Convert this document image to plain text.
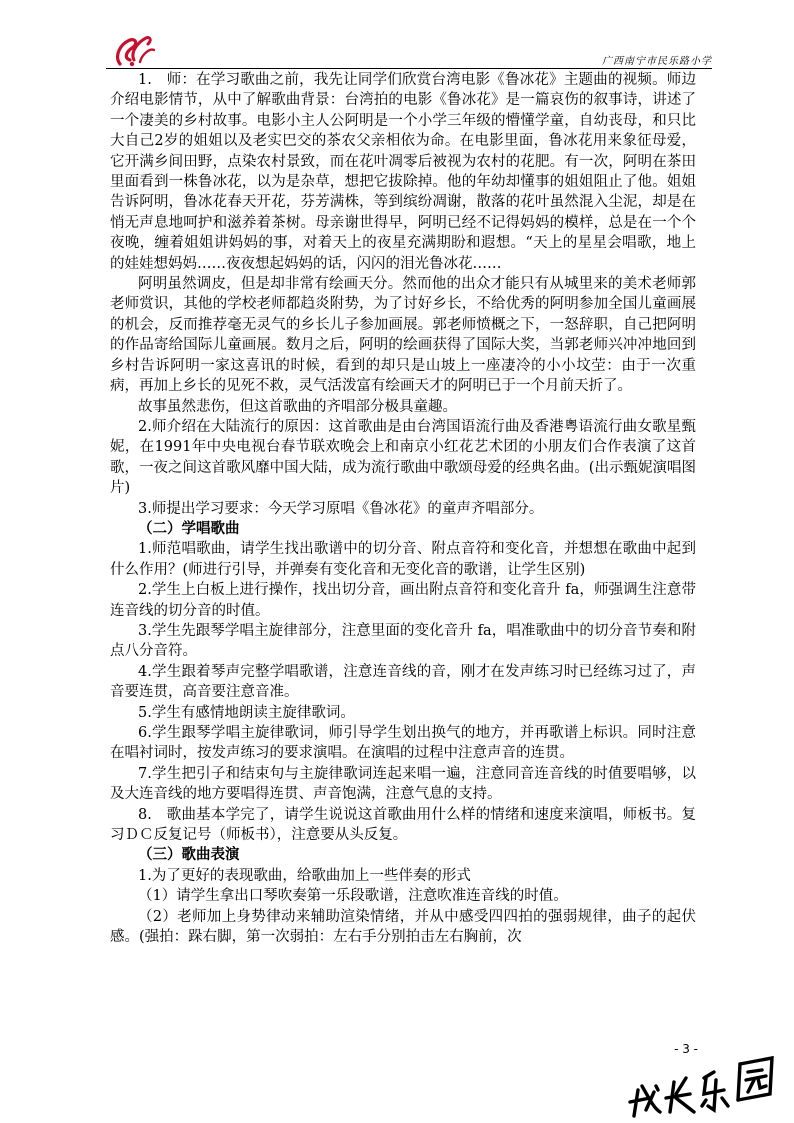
广西南宁市民乐路小学

1.　师：在学习歌曲之前，我先让同学们欣赏台湾电影《鲁冰花》主题曲的视频。师边介绍电影情节，从中了解歌曲背景：台湾拍的电影《鲁冰花》是一篇哀伤的叙事诗，讲述了一个凄美的乡村故事。电影小主人公阿明是一个小学三年级的懵懂学童，自幼丧母，和只比大自己2岁的姐姐以及老实巴交的茶农父亲相依为命。在电影里面，鲁冰花用来象征母爱，它开满乡间田野，点染农村景致，而在花叶凋零后被视为农村的花肥。有一次，阿明在茶田里面看到一株鲁冰花，以为是杂草，想把它拔除掉。他的年幼却懂事的姐姐阻止了他。姐姐告诉阿明，鲁冰花春天开花，芬芳满株，等到缤纷凋谢，散落的花叶虽然混入尘泥，却是在悄无声息地呵护和滋养着茶树。母亲谢世得早，阿明已经不记得妈妈的模样，总是在一个个夜晚，缠着姐姐讲妈妈的事，对着天上的夜星充满期盼和遐想。“天上的星星会唱歌，地上的娃娃想妈妈……夜夜想起妈妈的话，闪闪的泪光鲁冰花……

阿明虽然调皮，但是却非常有绘画天分。然而他的出众才能只有从城里来的美术老师郭老师赏识，其他的学校老师都趋炎附势，为了讨好乡长，不给优秀的阿明参加全国儿童画展的机会，反而推荐毫无灵气的乡长儿子参加画展。郭老师愤概之下，一怒辞职，自己把阿明的作品寄给国际儿童画展。数月之后，阿明的绘画获得了国际大奖，当郭老师兴冲冲地回到乡村告诉阿明一家这喜讯的时候，看到的却只是山坡上一座凄冷的小小坟茔：由于一次重病，再加上乡长的见死不救，灵气活泼富有绘画天才的阿明已于一个月前天折了。

故事虽然悲伤，但这首歌曲的齐唱部分极具童趣。

2.师介绍在大陆流行的原因：这首歌曲是由台湾国语流行曲及香港粤语流行曲女歌星甄妮，在1991年中央电视台春节联欢晚会上和南京小红花艺术团的小朋友们合作表演了这首歌，一夜之间这首歌风靡中国大陆，成为流行歌曲中歌颂母爱的经典名曲。(出示甄妮演唱图片)

3.师提出学习要求：今天学习原唱《鲁冰花》的童声齐唱部分。

（二）学唱歌曲

1.师范唱歌曲，请学生找出歌谱中的切分音、附点音符和变化音，并想想在歌曲中起到什么作用？(师进行引导，并弹奏有变化音和无变化音的歌谱，让学生区别)

2.学生上白板上进行操作，找出切分音，画出附点音符和变化音升 fa，师强调生注意带连音线的切分音的时值。

3.学生先跟琴学唱主旋律部分，注意里面的变化音升 fa，唱准歌曲中的切分音节奏和附点八分音符。

4.学生跟着琴声完整学唱歌谱，注意连音线的音，刚才在发声练习时已经练习过了，声音要连贯，高音要注意音准。

5.学生有感情地朗读主旋律歌词。

6.学生跟琴学唱主旋律歌词，师引导学生划出换气的地方，并再歌谱上标识。同时注意在唱衬词时，按发声练习的要求演唱。在演唱的过程中注意声音的连贯。

7.学生把引子和结束句与主旋律歌词连起来唱一遍，注意同音连音线的时值要唱够，以及大连音线的地方要唱得连贯、声音饱满，注意气息的支持。

8.　歌曲基本学完了，请学生说说这首歌曲用什么样的情绪和速度来演唱，师板书。复习ＤＣ反复记号（师板书），注意要从头反复。

（三）歌曲表演

1.为了更好的表现歌曲，给歌曲加上一些伴奏的形式

（1）请学生拿出口琴吹奏第一乐段歌谱，注意吹准连音线的时值。

（2）老师加上身势律动来辅助渲染情绪，并从中感受四四拍的强弱规律，曲子的起伏感。(强拍：跺右脚，第一次弱拍：左右手分别拍击左右胸前，次

- 3 -
